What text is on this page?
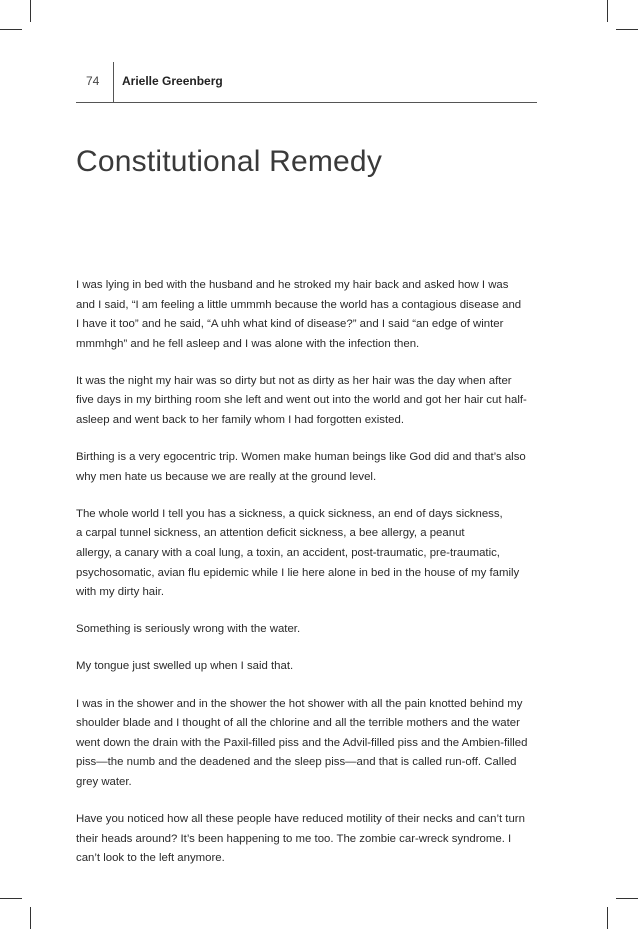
74 Arielle Greenberg
Constitutional Remedy

I was lying in bed with the husband and he stroked my hair back and asked how I was
and I said, “I am feeling a little ummmh because the world has a contagious disease and
I have it too” and he said, “A uhh what kind of disease?” and I said “an edge of winter
mmmhgh” and he fell asleep and I was alone with the infection then.

It was the night my hair was so dirty but not as dirty as her hair was the day when after
five days in my birthing room she left and went out into the world and got her hair cut half-
asleep and went back to her family whom I had forgotten existed.

Birthing is a very egocentric trip. Women make human beings like God did and that’s also
why men hate us because we are really at the ground level.

The whole world I tell you has a sickness, a quick sickness, an end of days sickness,
a carpal tunnel sickness, an attention deficit sickness, a bee allergy, a peanut
allergy, a canary with a coal lung, a toxin, an accident, post-traumatic, pre-traumatic,
psychosomatic, avian flu epidemic while I lie here alone in bed in the house of my family
with my dirty hair.

Something is seriously wrong with the water.

My tongue just swelled up when I said that.

I was in the shower and in the shower the hot shower with all the pain knotted behind my
shoulder blade and I thought of all the chlorine and all the terrible mothers and the water
went down the drain with the Paxil-filled piss and the Advil-filled piss and the Ambien-filled
piss—the numb and the deadened and the sleep piss—and that is called run-off. Called
grey water.

Have you noticed how all these people have reduced motility of their necks and can’t turn
their heads around? It’s been happening to me too. The zombie car-wreck syndrome. I
can’t look to the left anymore.
